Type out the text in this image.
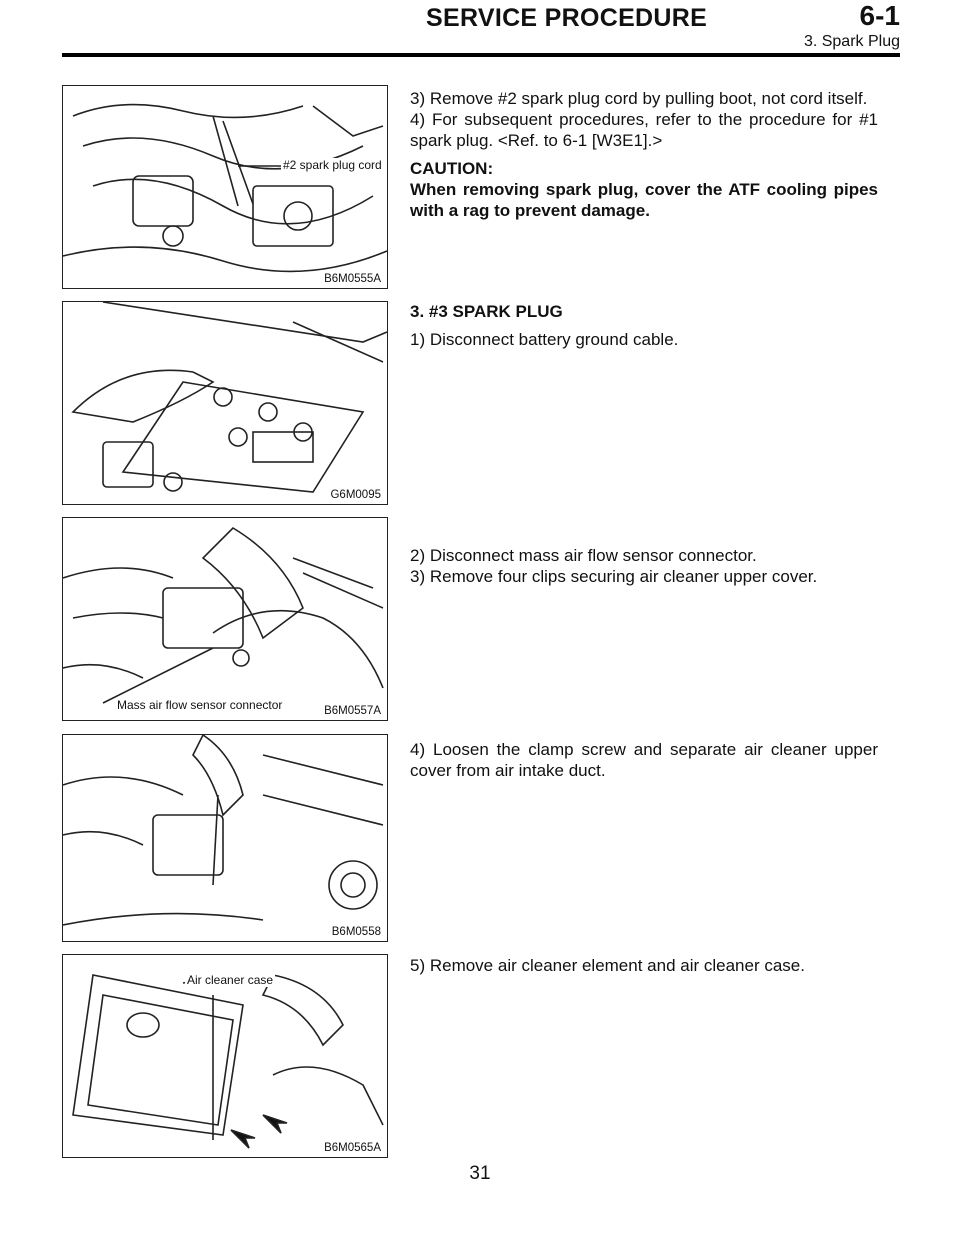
SERVICE PROCEDURE	6-1
3. Spark Plug
#2 spark plug cord
B6M0555A
G6M0095
Mass air flow sensor connector	B6M0557A
B6M0558
Air cleaner case
B6M0565A

3) Remove #2 spark plug cord by pulling boot, not cord itself.

4) For subsequent procedures, refer to the procedure for #1 spark plug. <Ref. to 6-1 [W3E1].>

CAUTION:

When removing spark plug, cover the ATF cooling pipes with a rag to prevent damage.

3. #3 SPARK PLUG

1) Disconnect battery ground cable.

2) Disconnect mass air flow sensor connector.

3) Remove four clips securing air cleaner upper cover.

4) Loosen the clamp screw and separate air cleaner upper cover from air intake duct.

5) Remove air cleaner element and air cleaner case.

31
